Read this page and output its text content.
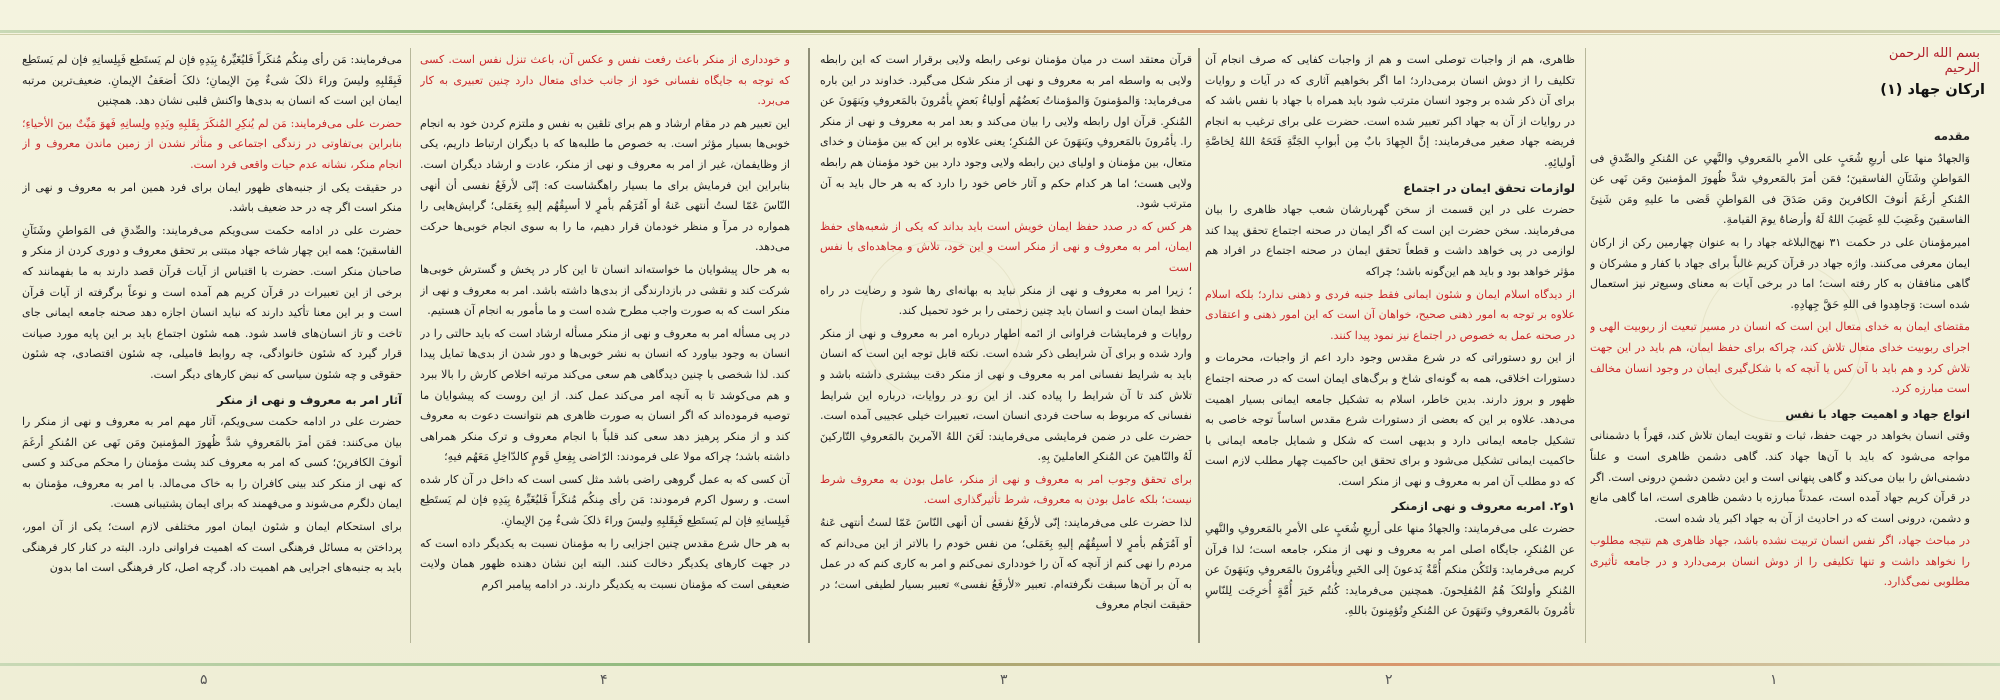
بسم الله الرحمن الرحیم
ارکان جهاد (۱)

مقدمه

وَالجهادُ منها علی أربعِ شُعَبٍ علی الأمرِ بالمَعروفِ والنَّهیِ عن المُنکرِ والصِّدقِ فی المَواطنِ وشَنَآنِ الفاسقینَ؛ فمَن أمرَ بالمَعروفِ شدَّ ظُهورَ المؤمنینَ ومَن نَهی عن المُنکرِ أرغَمَ أنوفَ الکافرینَ ومَن صَدَقَ فی المَواطنِ قَضی ما علیهِ ومَن شَنِئَ الفاسقینَ وغَضِبَ للهِ غَضِبَ اللهُ لَهُ وأرضاهُ یومَ القیامةِ.

امیرمؤمنان علی در حکمت ۳۱ نهج‌البلاغه جهاد را به عنوان چهارمین رکن از ارکان ایمان معرفی می‌کنند. واژه جهاد در قرآن کریم غالباً برای جهاد با کفار و مشرکان و گاهی منافقان به کار رفته است؛ اما در برخی آیات به معنای وسیع‌تر نیز استعمال شده است: وَجاهِدوا فی اللهِ حَقَّ جِهادِهِ.

مقتضای ایمان به خدای متعال این است که انسان در مسیر تبعیت از ربوبیت الهی و اجرای ربوبیت خدای متعال تلاش کند، چراکه برای حفظ ایمان، هم باید در این جهت تلاش کرد و هم باید با آن کس یا آنچه که با شکل‌گیری ایمان در وجود انسان مخالف است مبارزه کرد.

انواع جهاد و اهمیت جهاد با نفس

وقتی انسان بخواهد در جهت حفظ، ثبات و تقویت ایمان تلاش کند، قهراً با دشمنانی مواجه می‌شود که باید با آن‌ها جهاد کند. گاهی دشمن ظاهری است و علناً دشمنی‌اش را بیان می‌کند و گاهی پنهانی است و این دشمن دشمنِ درونی است. اگر در قرآن کریم جهاد آمده است، عمدتاً مبارزه با دشمن ظاهری است، اما گاهی مانع و دشمن، درونی است که در احادیث از آن به جهاد اکبر یاد شده است.

در مباحث جهاد، اگر نفس انسان تربیت نشده باشد، جهاد ظاهری هم نتیجه مطلوب را نخواهد داشت و تنها تکلیفی را از دوش انسان برمی‌دارد و در جامعه تأثیری مطلوبی نمی‌گذارد.

ظاهری، هم از واجبات توصلی است و هم از واجبات کفایی که صرف انجام آن تکلیف را از دوش انسان برمی‌دارد؛ اما اگر بخواهیم آثاری که در آیات و روایات برای آن ذکر شده بر وجود انسان مترتب شود باید همراه با جهاد با نفس باشد که در روایات از آن به جهاد اکبر تعبیر شده است. حضرت علی برای ترغیب به انجام فریضه جهاد صغیر می‌فرمایند: إنَّ الجِهادَ بابٌ مِن أبوابِ الجَنَّةِ فَتَحَهُ اللهُ لِخاصَّةِ أولیائِهِ.

لوازمات تحقق ایمان در اجتماع

حضرت علی در این قسمت از سخن گهربارشان شعب جهاد ظاهری را بیان می‌فرمایند. سخن حضرت این است که اگر ایمان در صحنه اجتماع تحقق پیدا کند لوازمی در پی خواهد داشت و قطعاً تحقق ایمان در صحنه اجتماع در افراد هم مؤثر خواهد بود و باید هم این‌گونه باشد؛ چراکه

از دیدگاه اسلام ایمان و شئون ایمانی فقط جنبه فردی و ذهنی ندارد؛ بلکه اسلام علاوه بر توجه به امور ذهنی صحیح، خواهان آن است که این امور ذهنی و اعتقادی در صحنه عمل به خصوص در اجتماع نیز نمود پیدا کنند.

از این رو دستوراتی که در شرع مقدس وجود دارد اعم از واجبات، محرمات و دستورات اخلاقی، همه به گونه‌ای شاخ و برگ‌های ایمان است که در صحنه اجتماع ظهور و بروز دارند. بدین خاطر، اسلام به تشکیل جامعه ایمانی بسیار اهمیت می‌دهد. علاوه بر این که بعضی از دستورات شرع مقدس اساساً توجه خاصی به تشکیل جامعه ایمانی دارد و بدیهی است که شکل و شمایل جامعه ایمانی با حاکمیت ایمانی تشکیل می‌شود و برای تحقق این حاکمیت چهار مطلب لازم است که دو مطلب آن امر به معروف و نهی از منکر است.

۱و۲. امربه معروف و نهی ازمنکر

حضرت علی می‌فرمایند: والجهادُ منها علی أربعِ شُعَبٍ علی الأمرِ بالمَعروفِ والنَّهیِ عن المُنکرِ، جایگاه اصلی امر به معروف و نهی از منکر، جامعه است؛ لذا قرآن کریم می‌فرماید: وَلتَکُن منکم أُمَّةٌ یَدعونَ إلی الخَیرِ ویأمُرونَ بالمَعروفِ ویَنهَونَ عن المُنکرِ وأولئکَ هُمُ المُفلِحونَ. همچنین می‌فرماید: کُنتُم خَیرَ أُمَّةٍ أُخرِجَت لِلنّاسِ تأمُرونَ بالمَعروفِ وتَنهَونَ عن المُنکرِ وتُؤمِنونَ باللهِ.

قرآن معتقد است در میان مؤمنان نوعی رابطه ولایی برقرار است که این رابطه ولایی به واسطه امر به معروف و نهی از منکر شکل می‌گیرد. خداوند در این باره می‌فرماید: وَالمؤمنونَ وَالمؤمناتُ بَعضُهُم أولیاءُ بَعضٍ یأمُرونَ بالمَعروفِ ویَنهَونَ عن المُنکرِ. قرآن اول رابطه ولایی را بیان می‌کند و بعد امر به معروف و نهی از منکر را. یأمُرونَ بالمَعروفِ ویَنهَونَ عن المُنکرِ؛ یعنی علاوه بر این که بین مؤمنان و خدای متعال، بین مؤمنان و اولیای دین رابطه ولایی وجود دارد بین خود مؤمنان هم رابطه ولایی هست؛ اما هر کدام حکم و آثار خاص خود را دارد که به هر حال باید به آن مترتب شود.

هر کس که در صدد حفظ ایمان خویش است باید بداند که یکی از شعبه‌های حفظ ایمان، امر به معروف و نهی از منکر است و این خود، تلاش و مجاهده‌ای با نفس است

؛ زیرا امر به معروف و نهی از منکر نباید به بهانه‌ای رها شود و رضایت در راه حفظ ایمان است و انسان باید چنین زحمتی را بر خود تحمیل کند.

روایات و فرمایشات فراوانی از ائمه اطهار درباره امر به معروف و نهی از منکر وارد شده و برای آن شرایطی ذکر شده است. نکته قابل توجه این است که انسان باید به شرایط نفسانی امر به معروف و نهی از منکر دقت بیشتری داشته باشد و تلاش کند تا آن شرایط را پیاده کند. از این رو در روایات، درباره این شرایط نفسانی که مربوط به ساحت فردی انسان است، تعبیرات خیلی عجیبی آمده است. حضرت علی در ضمن فرمایشی می‌فرمایند: لَعَنَ اللهُ الآمرینَ بالمَعروفِ التّارکینَ لَهُ والنّاهینَ عن المُنکرِ العاملینَ بِهِ.

برای تحقق وجوب امر به معروف و نهی از منکر، عامل بودن به معروف شرط نیست؛ بلکه عامل بودن به معروف، شرط تأثیرگذاری است.

لذا حضرت علی می‌فرمایند: إنّی لأرفَعُ نفسی أن أنهی النّاسَ عَمّا لستُ أنتهی عَنهُ أو آمُرَهُم بأمرٍ لا أسبِقُهُم إلیهِ بِعَمَلی؛ من نفس خودم را بالاتر از این می‌دانم که مردم را نهی کنم از آنچه که آن را خودداری نمی‌کنم و امر به کاری کنم که در عمل به آن بر آن‌ها سبقت نگرفته‌ام. تعبیر «لأرفَعُ نفسی» تعبیر بسیار لطیفی است؛ در حقیقت انجام معروف

و خودداری از منکر باعث رفعت نفس و عکس آن، باعث تنزل نفس است. کسی که توجه به جایگاه نفسانی خود از جانب خدای متعال دارد چنین تعبیری به کار می‌برد.

این تعبیر هم در مقام ارشاد و هم برای تلقین به نفس و ملتزم کردن خود به انجام خوبی‌ها بسیار مؤثر است. به خصوص ما طلبه‌ها که با دیگران ارتباط داریم، یکی از وظایفمان، غیر از امر به معروف و نهی از منکر، عادت و ارشاد دیگران است. بنابراین این فرمایش برای ما بسیار راهگشاست که: إنّی لأرفَعُ نفسی أن أنهی النّاسَ عَمّا لستُ أنتهی عَنهُ أو آمُرَهُم بأمرٍ لا أسبِقُهُم إلیهِ بِعَمَلی؛ گرایش‌هایی را همواره در مرآ و منظر خودمان قرار دهیم، ما را به سوی انجام خوبی‌ها حرکت می‌دهد.

به هر حال پیشوایان ما خواسته‌اند انسان تا این کار در پخش و گسترش خوبی‌ها شرکت کند و نقشی در بازدارندگی از بدی‌ها داشته باشد. امر به معروف و نهی از منکر است که به صورت واجب مطرح شده است و ما مأمور به انجام آن هستیم.

در پی مسأله امر به معروف و نهی از منکر مسأله ارشاد است که باید حالتی را در انسان به وجود بیاورد که انسان به نشر خوبی‌ها و دور شدن از بدی‌ها تمایل پیدا کند. لذا شخصی با چنین دیدگاهی هم سعی می‌کند مرتبه اخلاص کارش را بالا ببرد و هم می‌کوشد تا به آنچه امر می‌کند عمل کند. از این روست که پیشوایان ما توصیه فرموده‌اند که اگر انسان به صورت ظاهری هم نتوانست دعوت به معروف کند و از منکر پرهیز دهد سعی کند قلباً با انجام معروف و ترک منکر همراهی داشته باشد؛ چراکه مولا علی فرمودند: الرّاضی بِفِعلِ قَومٍ کالدّاخِلِ مَعَهُم فیهِ؛

آن کسی که به عمل گروهی راضی باشد مثل کسی است که داخل در آن کار شده است. و رسول اکرم فرمودند: مَن رأی مِنکُم مُنکَراً فَلیُغَیِّرهُ بِیَدِهِ فإن لم یَستَطِع فَبِلِسانِهِ فإن لم یَستَطِع فَبِقَلبِهِ ولیسَ وراءَ ذلکَ شیءٌ مِنَ الإیمانِ.

به هر حال شرع مقدس چنین اجزایی را به مؤمنان نسبت به یکدیگر داده است که در جهت کارهای یکدیگر دخالت کنند. البته این نشان دهنده ظهور همان ولایت ضعیفی است که مؤمنان نسبت به یکدیگر دارند. در ادامه پیامبر اکرم

می‌فرمایند: مَن رأی مِنکُم مُنکَراً فَلیُغَیِّرهُ بِیَدِهِ فإن لم یَستَطِع فَبِلِسانِهِ فإن لم یَستَطِع فَبِقَلبِهِ ولیسَ وراءَ ذلکَ شیءٌ مِنَ الإیمانِ؛ ذلکَ أضعَفُ الإیمانِ. ضعیف‌ترین مرتبه ایمان این است که انسان به بدی‌ها واکنش قلبی نشان دهد. همچنین

حضرت علی می‌فرمایند: مَن لم یُنکِرِ المُنکَرَ بِقَلبِهِ ویَدِهِ ولِسانِهِ فَهوَ مَیِّتٌ بینَ الأحیاءِ؛ بنابراین بی‌تفاوتی در زندگی اجتماعی و متأثر نشدن از زمین ماندن معروف و از انجام منکر، نشانه عدم حیات واقعی فرد است.

در حقیقت یکی از جنبه‌های ظهور ایمان برای فرد همین امر به معروف و نهی از منکر است اگر چه در حد ضعیف باشد.

حضرت علی در ادامه حکمت سی‌ویکم می‌فرمایند: والصِّدقِ فی المَواطنِ وشَنَآنِ الفاسقینَ؛ همه این چهار شاخه جهاد مبتنی بر تحقق معروف و دوری کردن از منکر و صاحبان منکر است. حضرت با اقتباس از آیات قرآن قصد دارند به ما بفهمانند که برخی از این تعبیرات در قرآن کریم هم آمده است و نوعاً برگرفته از آیات قرآن است و بر این معنا تأکید دارند که نباید انسان اجازه دهد صحنه جامعه ایمانی جای تاخت و تاز انسان‌های فاسد شود. همه شئون اجتماع باید بر این پایه مورد صیانت قرار گیرد که شئون خانوادگی، چه روابط فامیلی، چه شئون اقتصادی، چه شئون حقوقی و چه شئون سیاسی که نبض کارهای دیگر است.

آثار امر به معروف و نهی از منکر

حضرت علی در ادامه حکمت سی‌ویکم، آثار مهم امر به معروف و نهی از منکر را بیان می‌کنند: فمَن أمرَ بالمَعروفِ شدَّ ظُهورَ المؤمنینَ ومَن نَهی عن المُنکرِ أرغَمَ أنوفَ الکافرینَ؛ کسی که امر به معروف کند پشت مؤمنان را محکم می‌کند و کسی که نهی از منکر کند بینی کافران را به خاک می‌مالد. با امر به معروف، مؤمنان به ایمان دلگرم می‌شوند و می‌فهمند که برای ایمان پشتیبانی هست.

برای استحکام ایمان و شئون ایمان امور مختلفی لازم است؛ یکی از آن امور، پرداختن به مسائل فرهنگی است که اهمیت فراوانی دارد. البته در کنار کار فرهنگی باید به جنبه‌های اجرایی هم اهمیت داد. گرچه اصل، کار فرهنگی است اما بدون

۱
۲
۳
۴
۵
